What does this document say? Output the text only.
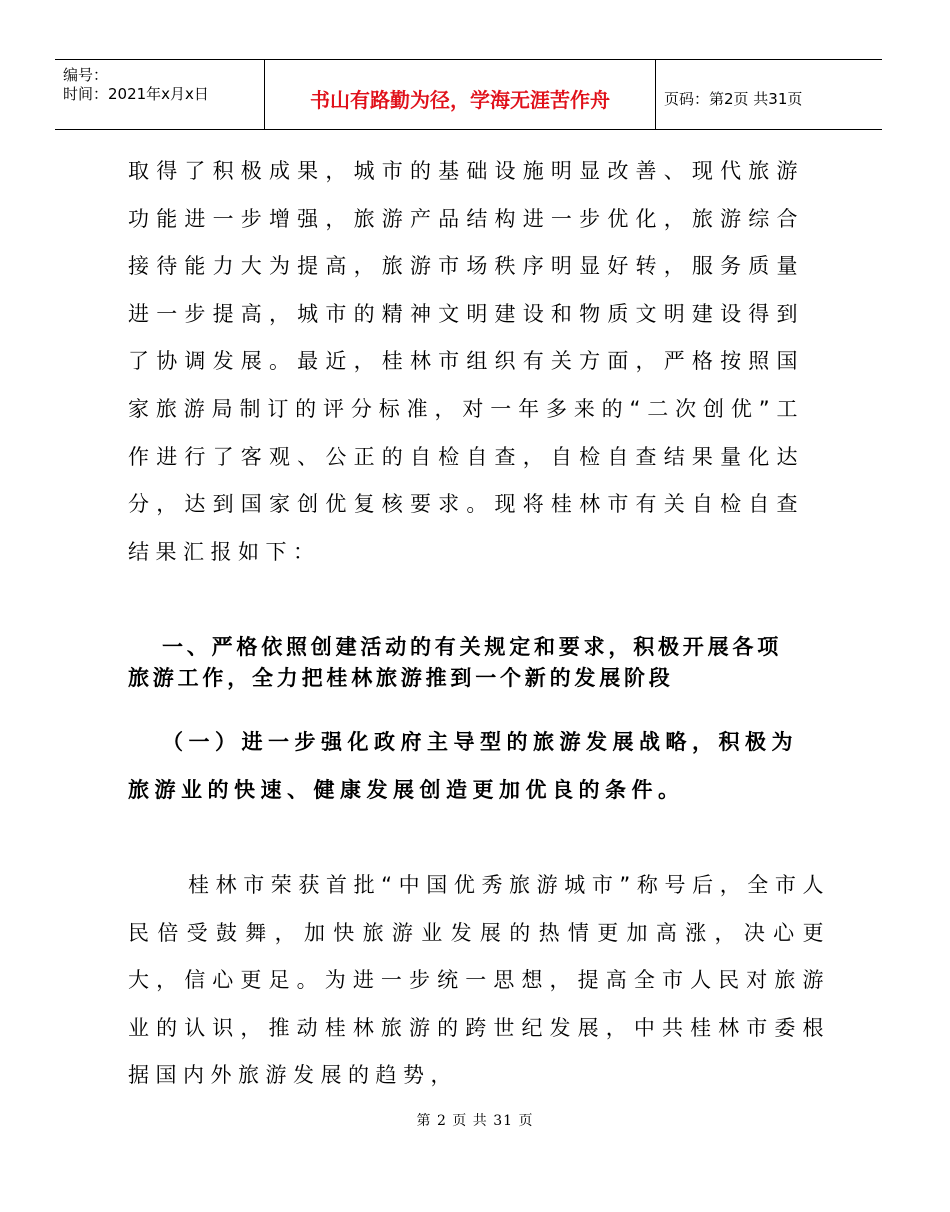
编号：
时间：2021年x月x日	书山有路勤为径，学海无涯苦作舟	页码：第2页 共31页

取得了积极成果，城市的基础设施明显改善、现代旅游功能进一步增强，旅游产品结构进一步优化，旅游综合接待能力大为提高，旅游市场秩序明显好转，服务质量进一步提高，城市的精神文明建设和物质文明建设得到了协调发展。最近，桂林市组织有关方面，严格按照国家旅游局制订的评分标准，对一年多来的“二次创优”工作进行了客观、公正的自检自查，自检自查结果量化达　　　分，达到国家创优复核要求。现将桂林市有关自检自查结果汇报如下：

一、严格依照创建活动的有关规定和要求，积极开展各项旅游工作，全力把桂林旅游推到一个新的发展阶段
（一）进一步强化政府主导型的旅游发展战略，积极为旅游业的快速、健康发展创造更加优良的条件。

桂林市荣获首批“中国优秀旅游城市”称号后，全市人民倍受鼓舞，加快旅游业发展的热情更加高涨，决心更大，信心更足。为进一步统一思想，提高全市人民对旅游业的认识，推动桂林旅游的跨世纪发展，中共桂林市委根据国内外旅游发展的趋势，

第 2 页 共 31 页
